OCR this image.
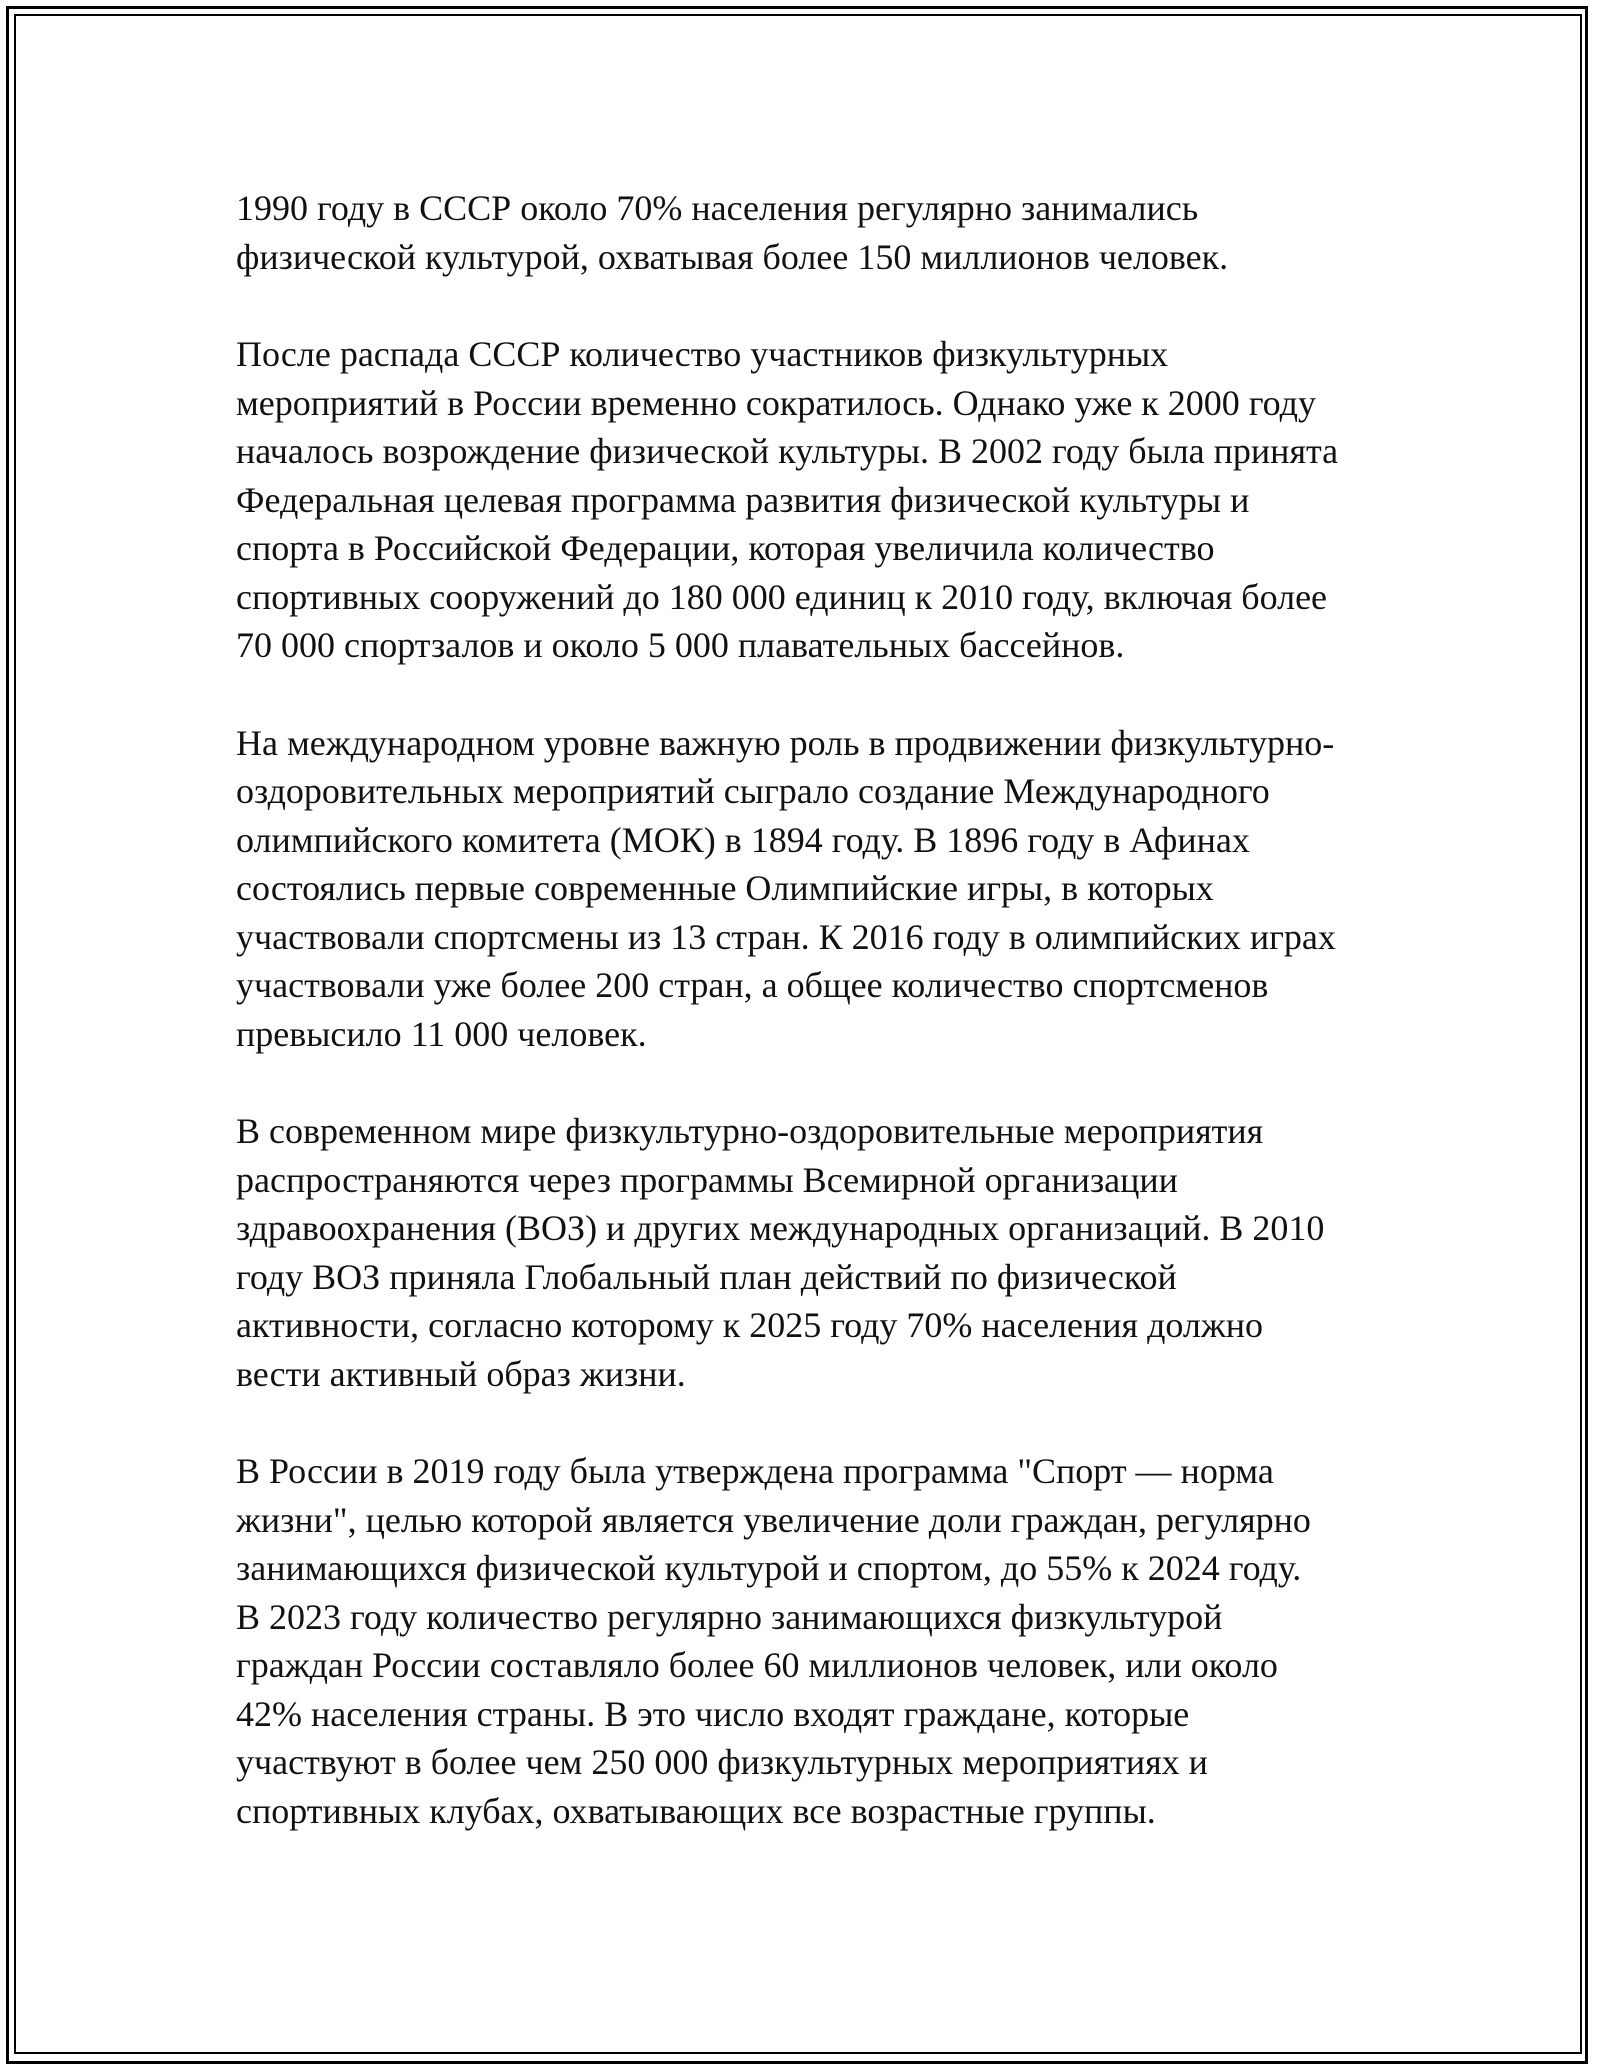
1990 году в СССР около 70% населения регулярно занимались
физической культурой, охватывая более 150 миллионов человек.

После распада СССР количество участников физкультурных
мероприятий в России временно сократилось. Однако уже к 2000 году
началось возрождение физической культуры. В 2002 году была принята
Федеральная целевая программа развития физической культуры и
спорта в Российской Федерации, которая увеличила количество
спортивных сооружений до 180 000 единиц к 2010 году, включая более
70 000 спортзалов и около 5 000 плавательных бассейнов.

На международном уровне важную роль в продвижении физкультурно-
оздоровительных мероприятий сыграло создание Международного
олимпийского комитета (МОК) в 1894 году. В 1896 году в Афинах
состоялись первые современные Олимпийские игры, в которых
участвовали спортсмены из 13 стран. К 2016 году в олимпийских играх
участвовали уже более 200 стран, а общее количество спортсменов
превысило 11 000 человек.

В современном мире физкультурно-оздоровительные мероприятия
распространяются через программы Всемирной организации
здравоохранения (ВОЗ) и других международных организаций. В 2010
году ВОЗ приняла Глобальный план действий по физической
активности, согласно которому к 2025 году 70% населения должно
вести активный образ жизни.

В России в 2019 году была утверждена программа "Спорт — норма
жизни", целью которой является увеличение доли граждан, регулярно
занимающихся физической культурой и спортом, до 55% к 2024 году.
В 2023 году количество регулярно занимающихся физкультурой
граждан России составляло более 60 миллионов человек, или около
42% населения страны. В это число входят граждане, которые
участвуют в более чем 250 000 физкультурных мероприятиях и
спортивных клубах, охватывающих все возрастные группы.
